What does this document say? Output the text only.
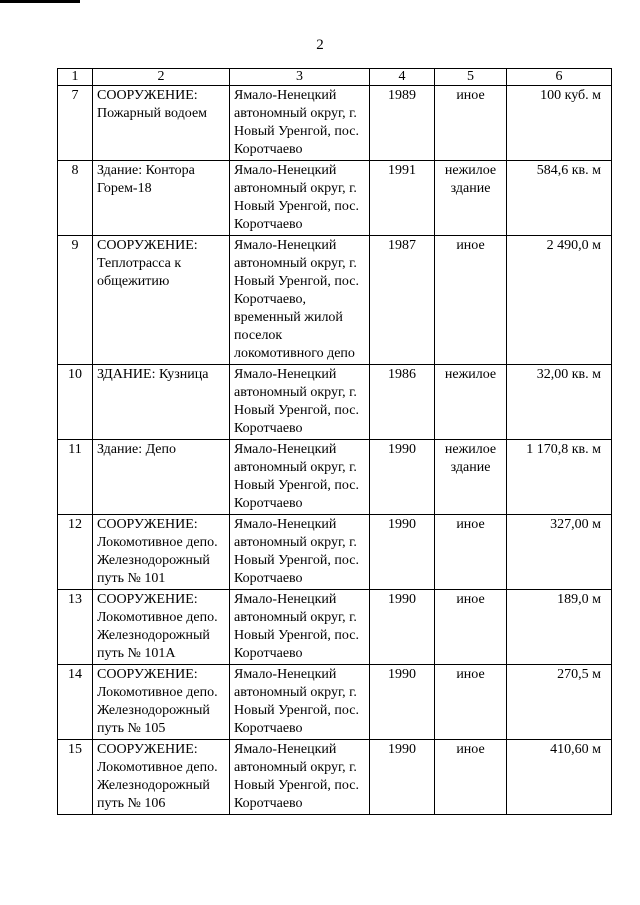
2
1	2	3	4	5	6
7	СООРУЖЕНИЕ: Пожарный водоем	Ямало-Ненецкий автономный округ, г. Новый Уренгой, пос. Коротчаево	1989	иное	100 куб. м
8	Здание: Контора Горем-18	Ямало-Ненецкий автономный округ, г. Новый Уренгой, пос. Коротчаево	1991	нежилое здание	584,6 кв. м
9	СООРУЖЕНИЕ: Теплотрасса к общежитию	Ямало-Ненецкий автономный округ, г. Новый Уренгой, пос. Коротчаево, временный жилой поселок локомотивного депо	1987	иное	2 490,0 м
10	ЗДАНИЕ: Кузница	Ямало-Ненецкий автономный округ, г. Новый Уренгой, пос. Коротчаево	1986	нежилое	32,00 кв. м
11	Здание: Депо	Ямало-Ненецкий автономный округ, г. Новый Уренгой, пос. Коротчаево	1990	нежилое здание	1 170,8 кв. м
12	СООРУЖЕНИЕ: Локомотивное депо. Железнодорожный путь № 101	Ямало-Ненецкий автономный округ, г. Новый Уренгой, пос. Коротчаево	1990	иное	327,00 м
13	СООРУЖЕНИЕ: Локомотивное депо. Железнодорожный путь № 101А	Ямало-Ненецкий автономный округ, г. Новый Уренгой, пос. Коротчаево	1990	иное	189,0 м
14	СООРУЖЕНИЕ: Локомотивное депо. Железнодорожный путь № 105	Ямало-Ненецкий автономный округ, г. Новый Уренгой, пос. Коротчаево	1990	иное	270,5 м
15	СООРУЖЕНИЕ: Локомотивное депо. Железнодорожный путь № 106	Ямало-Ненецкий автономный округ, г. Новый Уренгой, пос. Коротчаево	1990	иное	410,60 м
